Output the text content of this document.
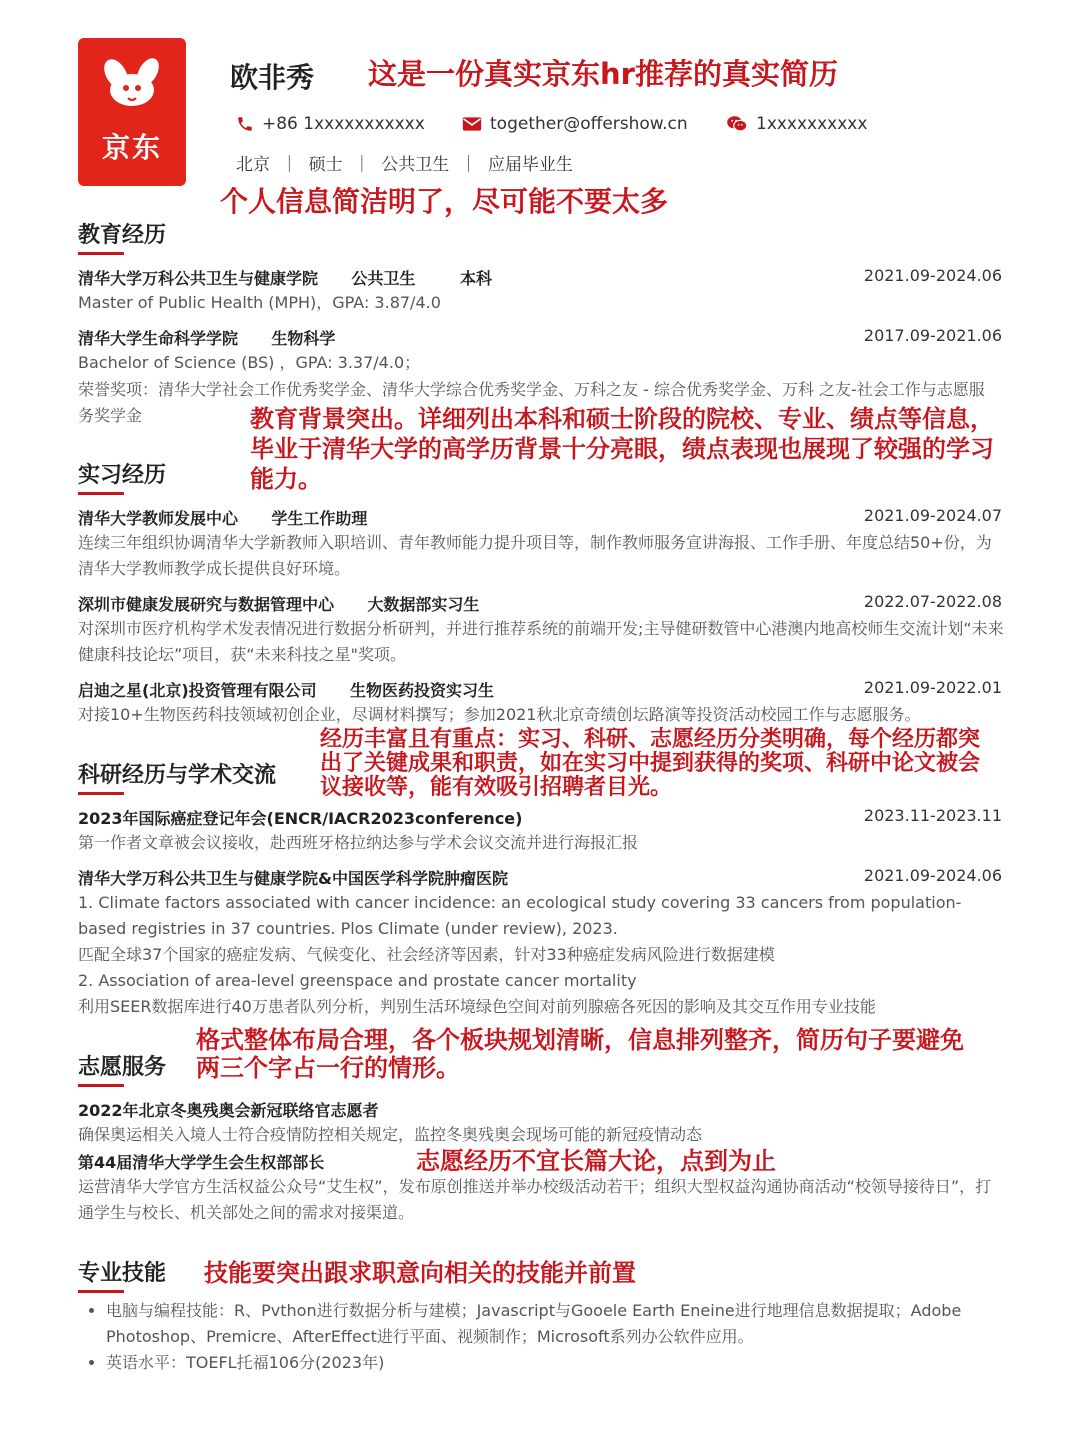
京东
欧非秀 这是一份真实京东hr推荐的真实简历
+86 1xxxxxxxxxxx	together@offershow.cn	1xxxxxxxxxx
北京  ｜  硕士  ｜  公共卫生  ｜  应届毕业生
个人信息简洁明了，尽可能不要太多
教育经历
清华大学万科公共卫生与健康学院      公共卫生        本科	2021.09-2024.06
Master of Public Health (MPH)，GPA: 3.87/4.0
清华大学生命科学学院      生物科学	2017.09-2021.06
Bachelor of Science (BS) ，GPA: 3.37/4.0；
荣誉奖项：清华大学社会工作优秀奖学金、清华大学综合优秀奖学金、万科之友 - 综合优秀奖学金、万科 之友-社会工作与志愿服务奖学金	教育背景突出。详细列出本科和硕士阶段的院校、专业、绩点等信息，毕业于清华大学的高学历背景十分亮眼，绩点表现也展现了较强的学习能力。
实习经历
清华大学教师发展中心      学生工作助理	2021.09-2024.07
连续三年组织协调清华大学新教师入职培训、青年教师能力提升项目等，制作教师服务宣讲海报、工作手册、年度总结50+份，为清华大学教师教学成长提供良好环境。
深圳市健康发展研究与数据管理中心      大数据部实习生	2022.07-2022.08
对深圳市医疗机构学术发表情况进行数据分析研判，并进行推荐系统的前端开发;主导健研数管中心港澳内地高校师生交流计划“未来健康科技论坛”项目，获“未来科技之星"奖项。
启迪之星(北京)投资管理有限公司      生物医药投资实习生	2021.09-2022.01
对接10+生物医药科技领域初创企业，尽调材料撰写；参加2021秋北京奇绩创坛路演等投资活动校园工作与志愿服务。
经历丰富且有重点：实习、科研、志愿经历分类明确，每个经历都突出了关键成果和职责，如在实习中提到获得的奖项、科研中论文被会议接收等，能有效吸引招聘者目光。
科研经历与学术交流
2023年国际癌症登记年会(ENCR/IACR2023conference)	2023.11-2023.11
第一作者文章被会议接收，赴西班牙格拉纳达参与学术会议交流并进行海报汇报
清华大学万科公共卫生与健康学院&中国医学科学院肿瘤医院	2021.09-2024.06
1. Climate factors associated with cancer incidence: an ecological study covering 33 cancers from population-based registries in 37 countries. Plos Climate (under review), 2023.
匹配全球37个国家的癌症发病、气候变化、社会经济等因素，针对33种癌症发病风险进行数据建模
2. Association of area-level greenspace and prostate cancer mortality
利用SEER数据库进行40万患者队列分析，判别生活环境绿色空间对前列腺癌各死因的影响及其交互作用专业技能
格式整体布局合理，各个板块规划清晰，信息排列整齐，简历句子要避免两三个字占一行的情形。
志愿服务
2022年北京冬奥残奥会新冠联络官志愿者
确保奥运相关入境人士符合疫情防控相关规定，监控冬奥残奥会现场可能的新冠疫情动态
第44届清华大学学生会生权部部长	志愿经历不宜长篇大论，点到为止
运营清华大学官方生活权益公众号“艾生权”，发布原创推送并举办校级活动若干；组织大型权益沟通协商活动“校领导接待日”，打通学生与校长、机关部处之间的需求对接渠道。
专业技能 技能要突出跟求职意向相关的技能并前置
• 电脑与编程技能：R、Pvthon进行数据分析与建模；Javascript与Gooele Earth Eneine进行地理信息数据提取；Adobe Photoshop、Premicre、AfterEffect进行平面、视频制作；Microsoft系列办公软件应用。
• 英语水平：TOEFL托福106分(2023年)
